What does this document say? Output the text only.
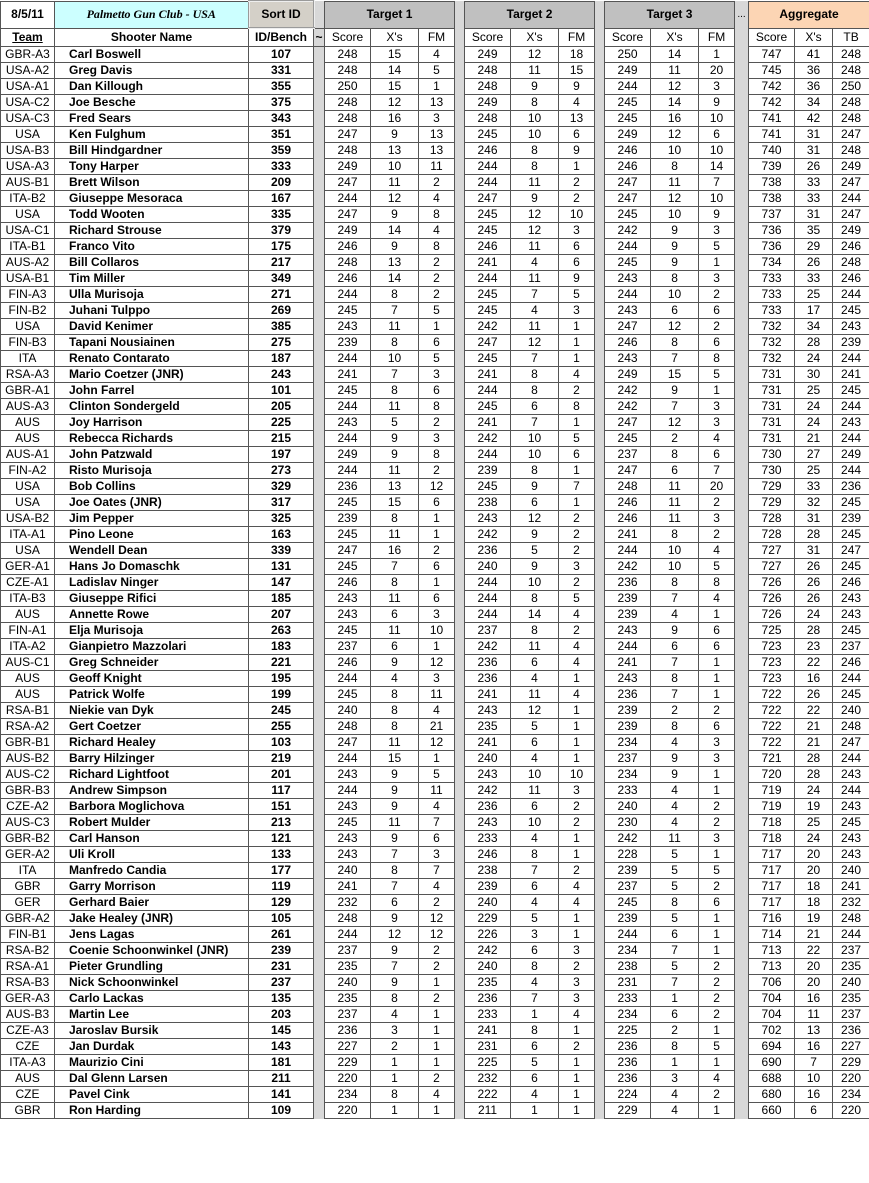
8/5/11	Palmetto Gun Club - USA	Sort ID		Target 1				Target 2				Target 3			...	Aggregate		
Team	Shooter Name	ID/Bench	~	Score	X's	FM		Score	X's	FM		Score	X's	FM		Score	X's	TB
GBR-A3	Carl Boswell	107		248	15	4		249	12	18		250	14	1		747	41	248
USA-A2	Greg Davis	331		248	14	5		248	11	15		249	11	20		745	36	248
USA-A1	Dan Killough	355		250	15	1		248	9	9		244	12	3		742	36	250
USA-C2	Joe Besche	375		248	12	13		249	8	4		245	14	9		742	34	248
USA-C3	Fred Sears	343		248	16	3		248	10	13		245	16	10		741	42	248
USA	Ken Fulghum	351		247	9	13		245	10	6		249	12	6		741	31	247
USA-B3	Bill Hindgardner	359		248	13	13		246	8	9		246	10	10		740	31	248
USA-A3	Tony Harper	333		249	10	11		244	8	1		246	8	14		739	26	249
AUS-B1	Brett Wilson	209		247	11	2		244	11	2		247	11	7		738	33	247
ITA-B2	Giuseppe Mesoraca	167		244	12	4		247	9	2		247	12	10		738	33	244
USA	Todd Wooten	335		247	9	8		245	12	10		245	10	9		737	31	247
USA-C1	Richard Strouse	379		249	14	4		245	12	3		242	9	3		736	35	249
ITA-B1	Franco Vito	175		246	9	8		246	11	6		244	9	5		736	29	246
AUS-A2	Bill Collaros	217		248	13	2		241	4	6		245	9	1		734	26	248
USA-B1	Tim Miller	349		246	14	2		244	11	9		243	8	3		733	33	246
FIN-A3	Ulla Murisoja	271		244	8	2		245	7	5		244	10	2		733	25	244
FIN-B2	Juhani Tulppo	269		245	7	5		245	4	3		243	6	6		733	17	245
USA	David Kenimer	385		243	11	1		242	11	1		247	12	2		732	34	243
FIN-B3	Tapani Nousiainen	275		239	8	6		247	12	1		246	8	6		732	28	239
ITA	Renato Contarato	187		244	10	5		245	7	1		243	7	8		732	24	244
RSA-A3	Mario Coetzer (JNR)	243		241	7	3		241	8	4		249	15	5		731	30	241
GBR-A1	John Farrel	101		245	8	6		244	8	2		242	9	1		731	25	245
AUS-A3	Clinton Sondergeld	205		244	11	8		245	6	8		242	7	3		731	24	244
AUS	Joy Harrison	225		243	5	2		241	7	1		247	12	3		731	24	243
AUS	Rebecca Richards	215		244	9	3		242	10	5		245	2	4		731	21	244
AUS-A1	John Patzwald	197		249	9	8		244	10	6		237	8	6		730	27	249
FIN-A2	Risto Murisoja	273		244	11	2		239	8	1		247	6	7		730	25	244
USA	Bob Collins	329		236	13	12		245	9	7		248	11	20		729	33	236
USA	Joe Oates (JNR)	317		245	15	6		238	6	1		246	11	2		729	32	245
USA-B2	Jim Pepper	325		239	8	1		243	12	2		246	11	3		728	31	239
ITA-A1	Pino Leone	163		245	11	1		242	9	2		241	8	2		728	28	245
USA	Wendell Dean	339		247	16	2		236	5	2		244	10	4		727	31	247
GER-A1	Hans Jo Domaschk	131		245	7	6		240	9	3		242	10	5		727	26	245
CZE-A1	Ladislav Ninger	147		246	8	1		244	10	2		236	8	8		726	26	246
ITA-B3	Giuseppe Rifici	185		243	11	6		244	8	5		239	7	4		726	26	243
AUS	Annette Rowe	207		243	6	3		244	14	4		239	4	1		726	24	243
FIN-A1	Elja Murisoja	263		245	11	10		237	8	2		243	9	6		725	28	245
ITA-A2	Gianpietro Mazzolari	183		237	6	1		242	11	4		244	6	6		723	23	237
AUS-C1	Greg Schneider	221		246	9	12		236	6	4		241	7	1		723	22	246
AUS	Geoff Knight	195		244	4	3		236	4	1		243	8	1		723	16	244
AUS	Patrick Wolfe	199		245	8	11		241	11	4		236	7	1		722	26	245
RSA-B1	Niekie van Dyk	245		240	8	4		243	12	1		239	2	2		722	22	240
RSA-A2	Gert Coetzer	255		248	8	21		235	5	1		239	8	6		722	21	248
GBR-B1	Richard Healey	103		247	11	12		241	6	1		234	4	3		722	21	247
AUS-B2	Barry Hilzinger	219		244	15	1		240	4	1		237	9	3		721	28	244
AUS-C2	Richard Lightfoot	201		243	9	5		243	10	10		234	9	1		720	28	243
GBR-B3	Andrew Simpson	117		244	9	11		242	11	3		233	4	1		719	24	244
CZE-A2	Barbora Moglichova	151		243	9	4		236	6	2		240	4	2		719	19	243
AUS-C3	Robert Mulder	213		245	11	7		243	10	2		230	4	2		718	25	245
GBR-B2	Carl Hanson	121		243	9	6		233	4	1		242	11	3		718	24	243
GER-A2	Uli Kroll	133		243	7	3		246	8	1		228	5	1		717	20	243
ITA	Manfredo Candia	177		240	8	7		238	7	2		239	5	5		717	20	240
GBR	Garry Morrison	119		241	7	4		239	6	4		237	5	2		717	18	241
GER	Gerhard Baier	129		232	6	2		240	4	4		245	8	6		717	18	232
GBR-A2	Jake Healey (JNR)	105		248	9	12		229	5	1		239	5	1		716	19	248
FIN-B1	Jens Lagas	261		244	12	12		226	3	1		244	6	1		714	21	244
RSA-B2	Coenie Schoonwinkel (JNR)	239		237	9	2		242	6	3		234	7	1		713	22	237
RSA-A1	Pieter Grundling	231		235	7	2		240	8	2		238	5	2		713	20	235
RSA-B3	Nick Schoonwinkel	237		240	9	1		235	4	3		231	7	2		706	20	240
GER-A3	Carlo Lackas	135		235	8	2		236	7	3		233	1	2		704	16	235
AUS-B3	Martin Lee	203		237	4	1		233	1	4		234	6	2		704	11	237
CZE-A3	Jaroslav Bursik	145		236	3	1		241	8	1		225	2	1		702	13	236
CZE	Jan Durdak	143		227	2	1		231	6	2		236	8	5		694	16	227
ITA-A3	Maurizio Cini	181		229	1	1		225	5	1		236	1	1		690	7	229
AUS	Dal Glenn Larsen	211		220	1	2		232	6	1		236	3	4		688	10	220
CZE	Pavel Cink	141		234	8	4		222	4	1		224	4	2		680	16	234
GBR	Ron Harding	109		220	1	1		211	1	1		229	4	1		660	6	220
